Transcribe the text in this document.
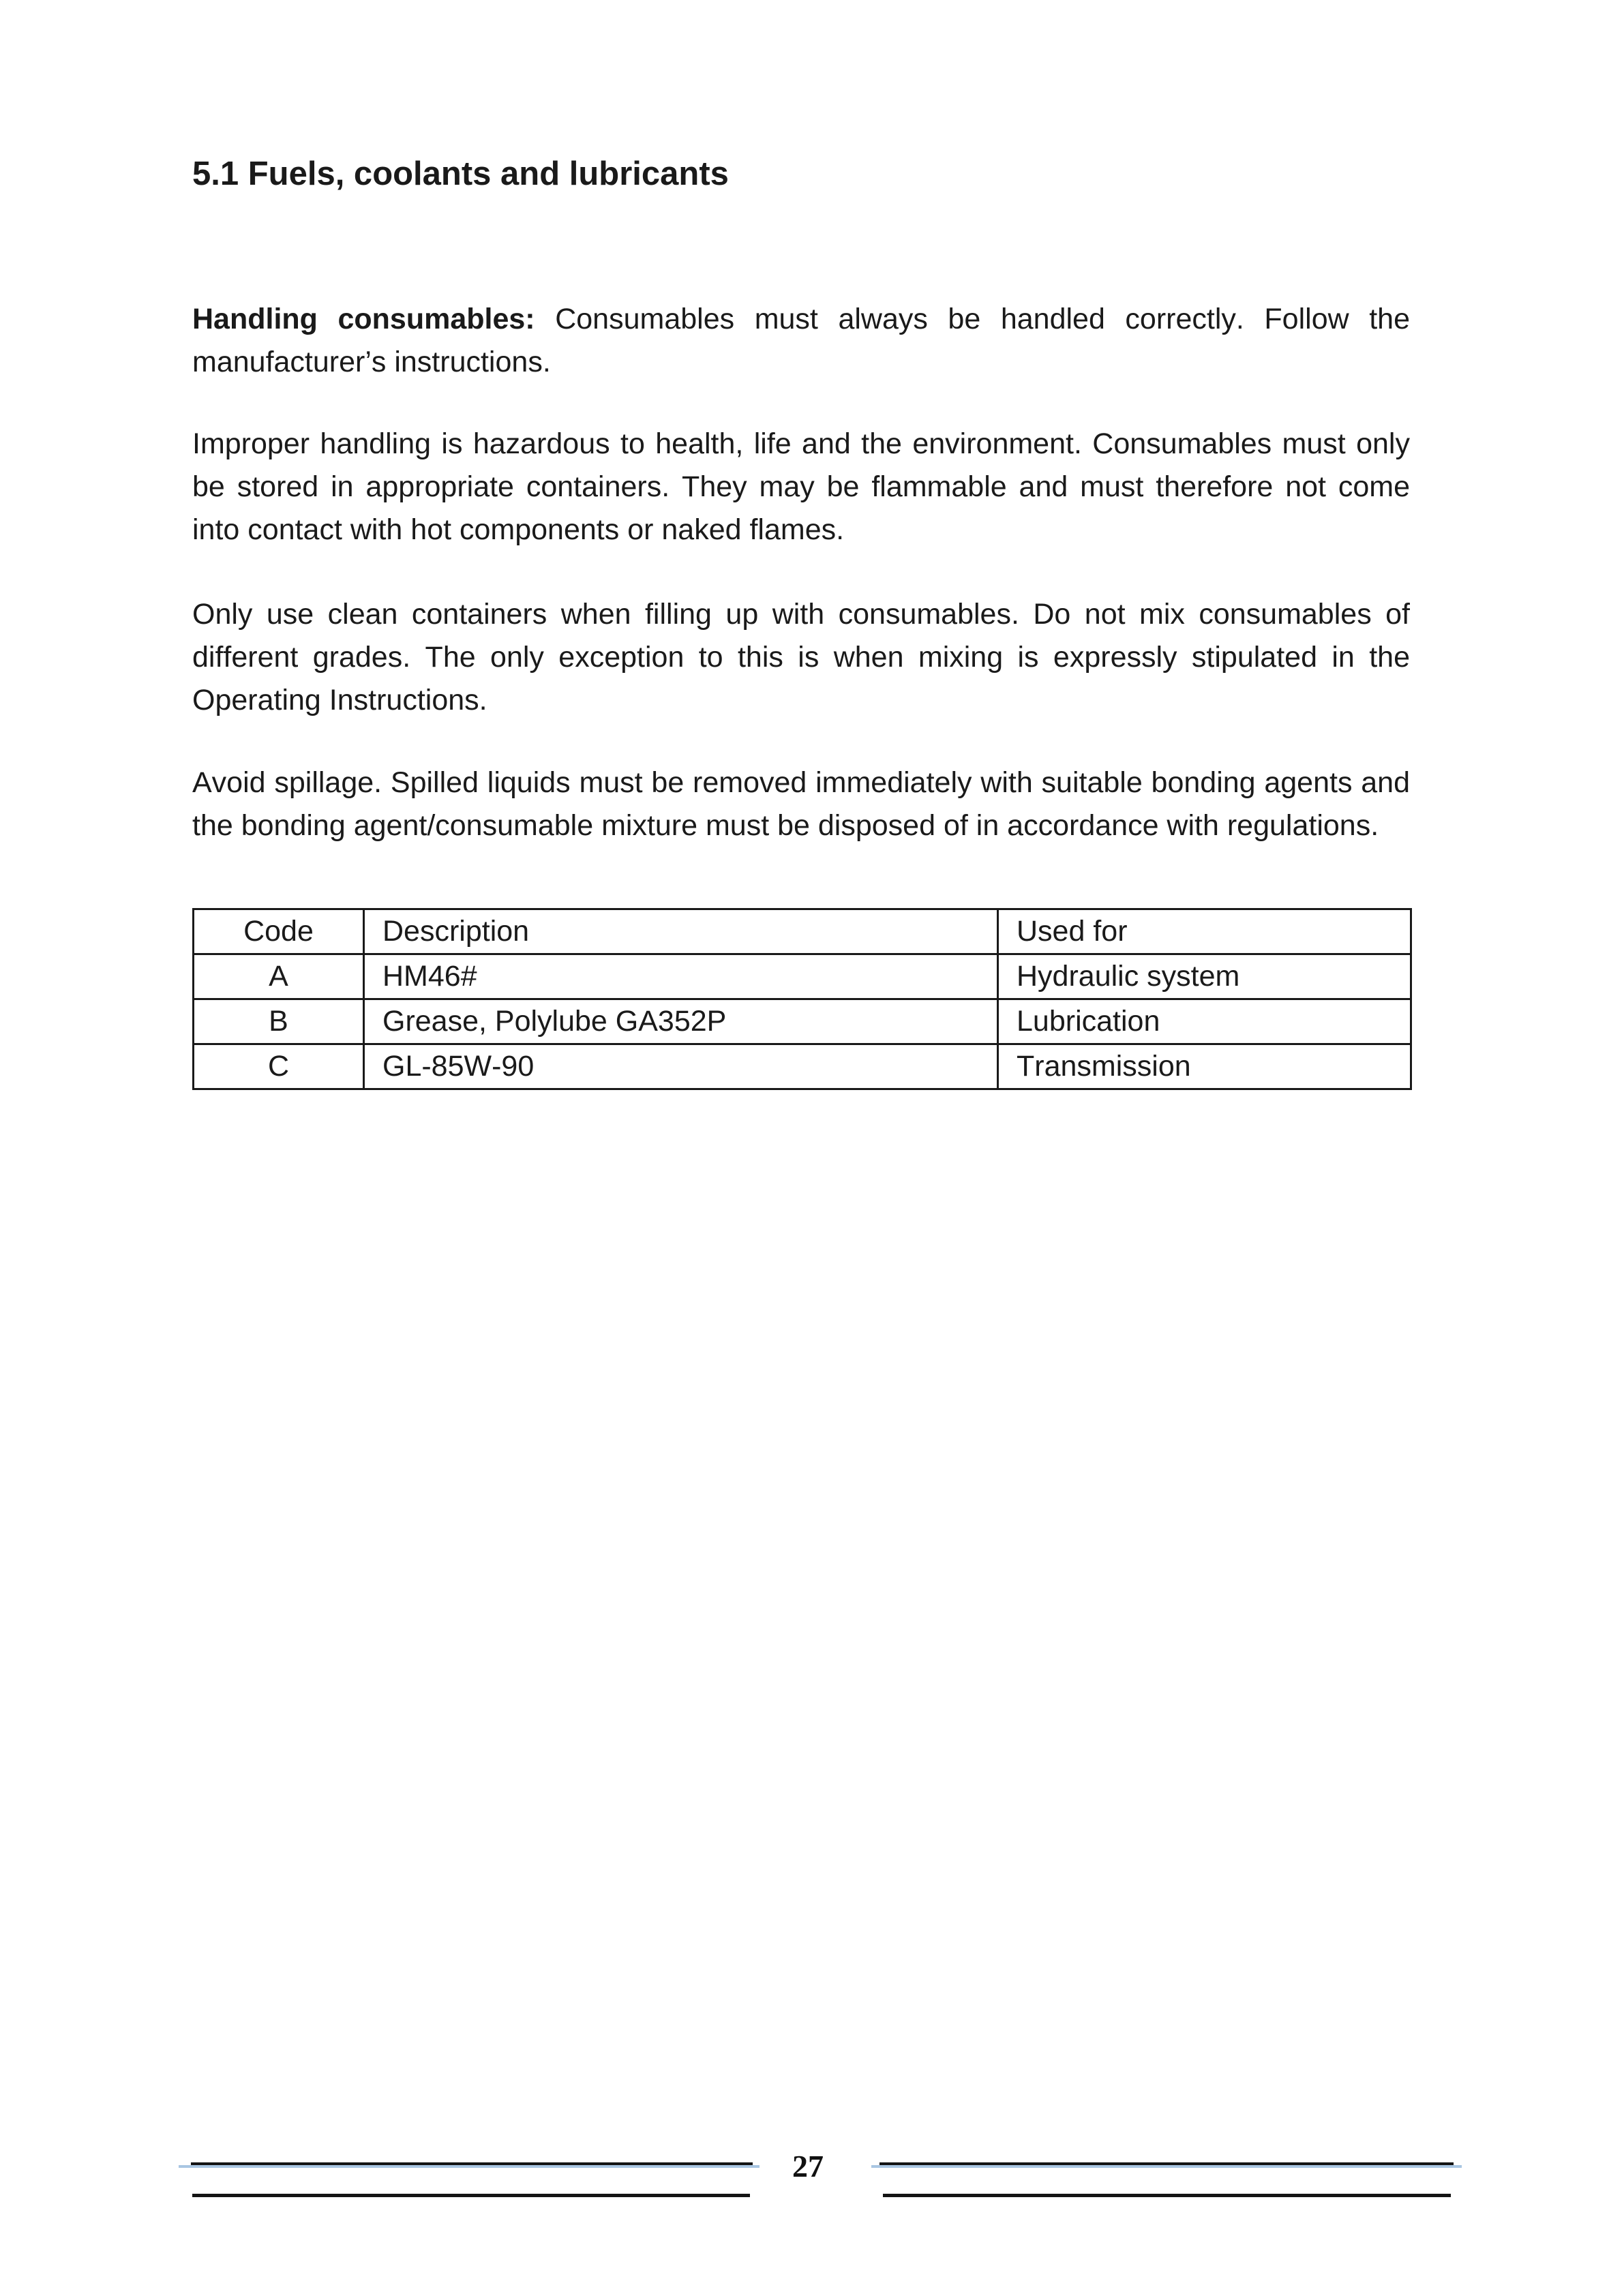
5.1 Fuels, coolants and lubricants

Handling consumables: Consumables must always be handled correctly. Follow the manufacturer’s instructions.

Improper handling is hazardous to health, life and the environment. Consumables must only be stored in appropriate containers. They may be flammable and must therefore not come into contact with hot components or naked flames.

Only use clean containers when filling up with consumables. Do not mix consumables of different grades. The only exception to this is when mixing is expressly stipulated in the Operating Instructions.

Avoid spillage. Spilled liquids must be removed immediately with suitable bonding agents and the bonding agent/consumable mixture must be disposed of in accordance with regulations.

Code	Description	Used for
A	HM46#	Hydraulic system
B	Grease, Polylube GA352P	Lubrication
C	GL-85W-90	Transmission
27
